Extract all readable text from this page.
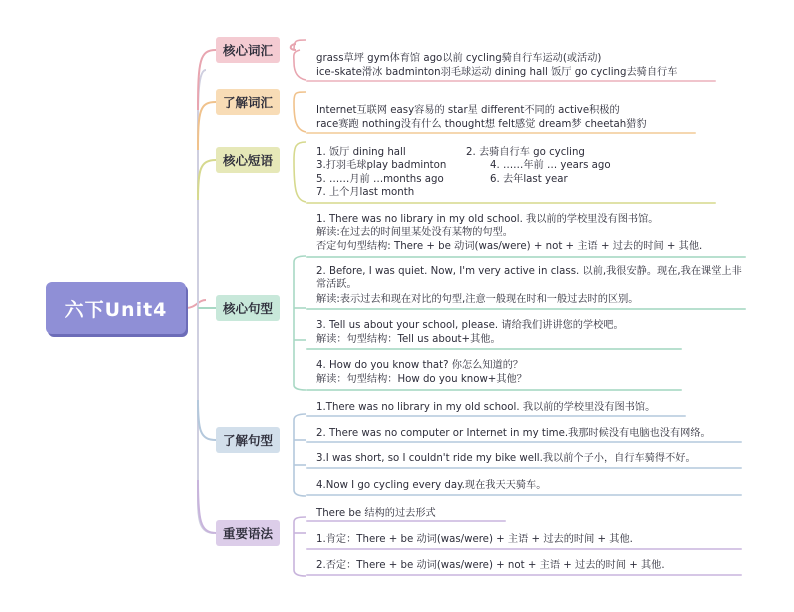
六下Unit4
核心词汇
了解词汇
核心短语
核心句型
了解句型
重要语法
grass草坪 gym体育馆 ago以前 cycling骑自行车运动(或活动)
ice-skate滑冰 badminton羽毛球运动 dining hall 饭厅 go cycling去骑自行车
Internet互联网 easy容易的 star星 different不同的 active积极的
race赛跑 nothing没有什么 thought想 felt感觉 dream梦 cheetah猎豹
1. 饭厅 dining hall	2. 去骑自行车 go cycling
3.打羽毛球play badminton	4. ……年前 … years ago
5. ……月前 …months ago	6. 去年last year
7. 上个月last month
1. There was no library in my old school. 我以前的学校里没有图书馆。
解读:在过去的时间里某处没有某物的句型。
否定句句型结构: There + be 动词(was/were) + not + 主语 + 过去的时间 + 其他.
2. Before, I was quiet. Now, I'm very active in class. 以前,我很安静。现在,我在课堂上非常活跃。
解读:表示过去和现在对比的句型,注意一般现在时和一般过去时的区别。
3. Tell us about your school, please. 请给我们讲讲您的学校吧。
解读：句型结构：Tell us about+其他。
4. How do you know that? 你怎么知道的？
解读：句型结构：How do you know+其他？
1.There was no library in my old school. 我以前的学校里没有图书馆。
2. There was no computer or Internet in my time.我那时候没有电脑也没有网络。
3.I was short, so I couldn't ride my bike well.我以前个子小，自行车骑得不好。
4.Now I go cycling every day.现在我天天骑车。
There be 结构的过去形式
1.肯定：There + be 动词(was/were) + 主语 + 过去的时间 + 其他.
2.否定：There + be 动词(was/were) + not + 主语 + 过去的时间 + 其他.
